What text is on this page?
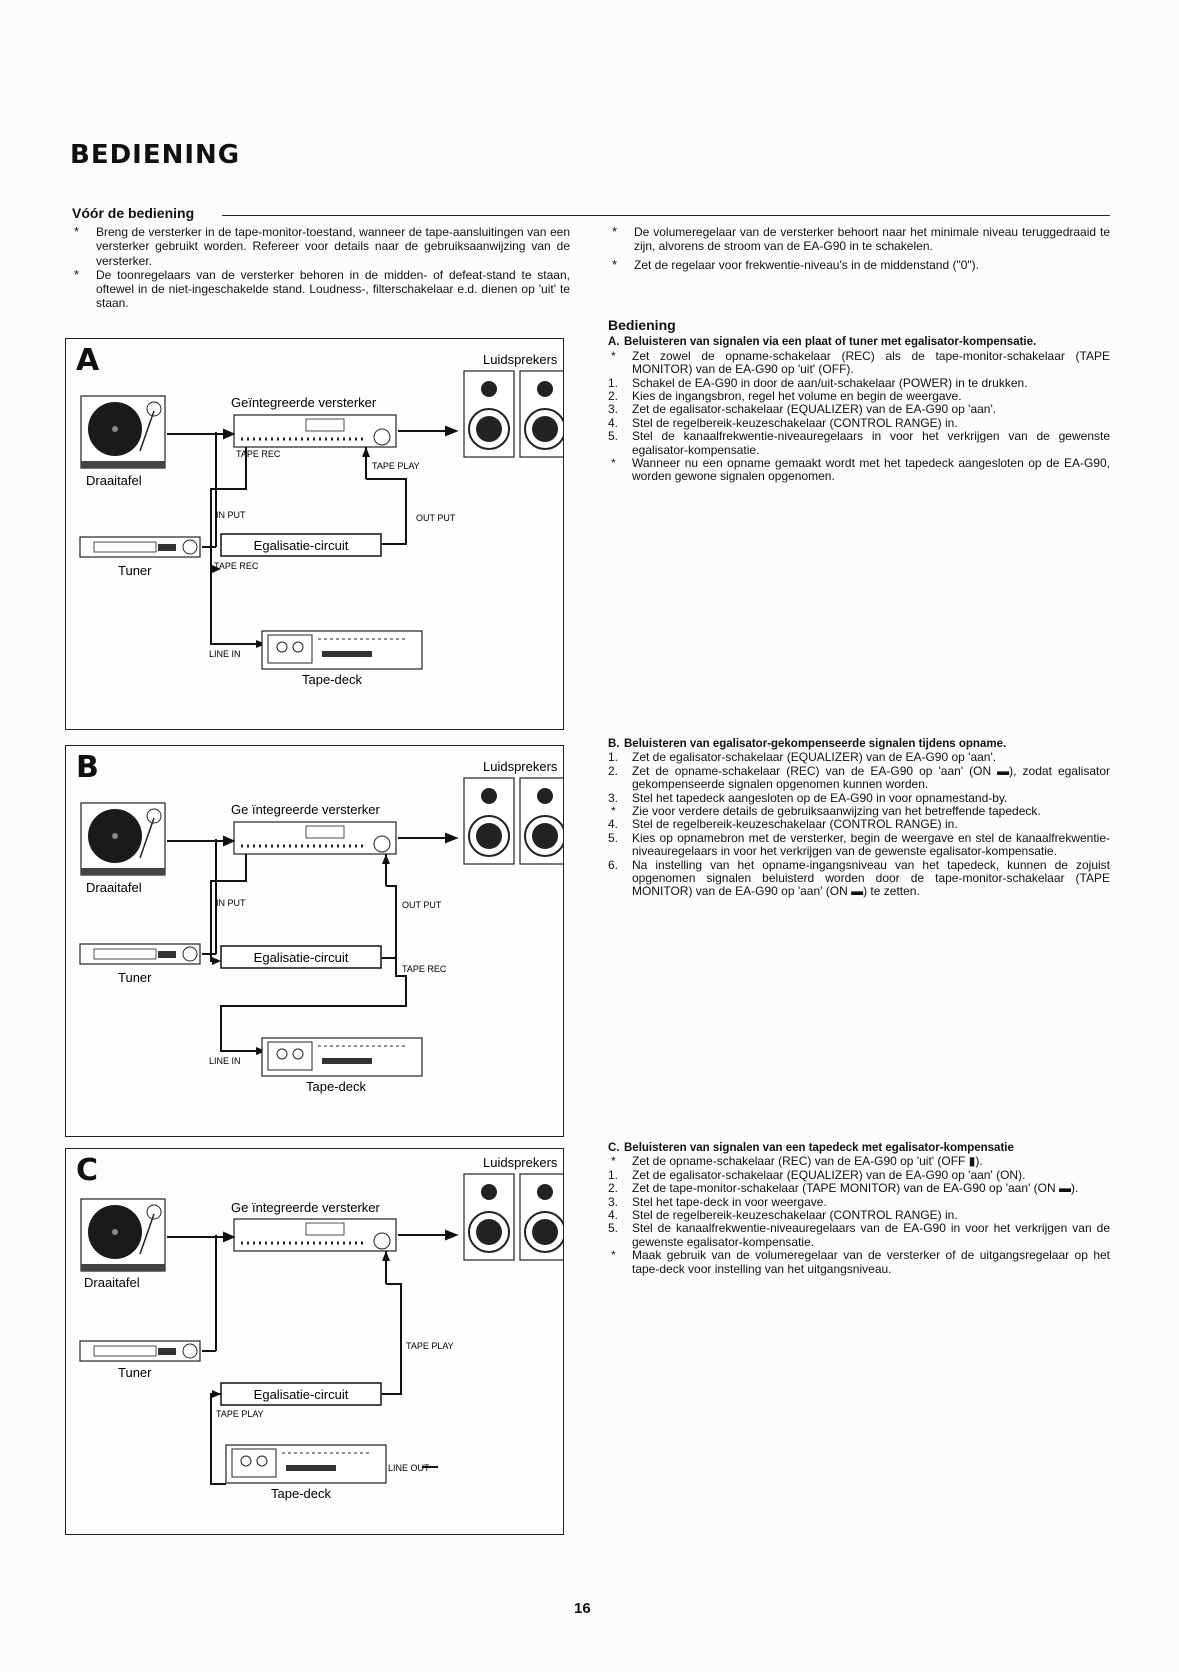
BEDIENING
Vóór de bediening
* Breng de versterker in de tape-monitor-toestand, wanneer de tape-aansluitingen van een versterker gebruikt worden. Refereer voor details naar de gebruiksaanwijzing van de versterker.
* De toonregelaars van de versterker behoren in de midden- of defeat-stand te staan, oftewel in de niet-ingeschakelde stand. Loudness-, filterschakelaar e.d. dienen op 'uit' te staan.
* De volumeregelaar van de versterker behoort naar het minimale niveau teruggedraaid te zijn, alvorens de stroom van de EA-G90 in te schakelen.
* Zet de regelaar voor frekwentie-niveau's in de middenstand ("0").
Bediening
A. Beluisteren van signalen via een plaat of tuner met egalisator-kompensatie.
* Zet zowel de opname-schakelaar (REC) als de tape-monitor-schakelaar (TAPE MONITOR) van de EA-G90 op 'uit' (OFF).
1. Schakel de EA-G90 in door de aan/uit-schakelaar (POWER) in te drukken.
2. Kies de ingangsbron, regel het volume en begin de weergave.
3. Zet de egalisator-schakelaar (EQUALIZER) van de EA-G90 op 'aan'.
4. Stel de regelbereik-keuzeschakelaar (CONTROL RANGE) in.
5. Stel de kanaalfrekwentie-niveauregelaars in voor het verkrijgen van de gewenste egalisator-kompensatie.
* Wanneer nu een opname gemaakt wordt met het tapedeck aangesloten op de EA-G90, worden gewone signalen opgenomen.
B. Beluisteren van egalisator-gekompenseerde signalen tijdens opname.
1. Zet de egalisator-schakelaar (EQUALIZER) van de EA-G90 op 'aan'.
2. Zet de opname-schakelaar (REC) van de EA-G90 op 'aan' (ON ▬), zodat egalisator gekompenseerde signalen opgenomen kunnen worden.
3. Stel het tapedeck aangesloten op de EA-G90 in voor opnamestand-by.
* Zie voor verdere details de gebruiksaanwijzing van het betreffende tapedeck.
4. Stel de regelbereik-keuzeschakelaar (CONTROL RANGE) in.
5. Kies op opnamebron met de versterker, begin de weergave en stel de kanaalfrekwentie-niveauregelaars in voor het verkrijgen van de gewenste egalisator-kompensatie.
6. Na instelling van het opname-ingangsniveau van het tapedeck, kunnen de zojuist opgenomen signalen beluisterd worden door de tape-monitor-schakelaar (TAPE MONITOR) van de EA-G90 op 'aan' (ON ▬) te zetten.
C. Beluisteren van signalen van een tapedeck met egalisator-kompensatie
* Zet de opname-schakelaar (REC) van de EA-G90 op 'uit' (OFF ▮).
1. Zet de egalisator-schakelaar (EQUALIZER) van de EA-G90 op 'aan' (ON).
2. Zet de tape-monitor-schakelaar (TAPE MONITOR) van de EA-G90 op 'aan' (ON ▬).
3. Stel het tape-deck in voor weergave.
4. Stel de regelbereik-keuzeschakelaar (CONTROL RANGE) in.
5. Stel de kanaalfrekwentie-niveauregelaars van de EA-G90 in voor het verkrijgen van de gewenste egalisator-kompensatie.
* Maak gebruik van de volumeregelaar van de versterker of de uitgangsregelaar op het tape-deck voor instelling van het uitgangsniveau.
A
Draaitafel
Tuner
Geïntegreerde versterker
Luidsprekers
TAPE REC
TAPE PLAY
IN PUT	OUT PUT
Egalisatie-circuit
TAPE REC
LINE IN
Tape-deck
B
Draaitafel
Tuner
Ge ïntegreerde versterker
Luidsprekers
IN PUT	OUT PUT
Egalisatie-circuit
TAPE REC
LINE IN
Tape-deck
C
Draaitafel
Tuner
Ge ïntegreerde versterker
Luidsprekers
TAPE PLAY
Egalisatie-circuit
TAPE PLAY
LINE OUT
Tape-deck
16
